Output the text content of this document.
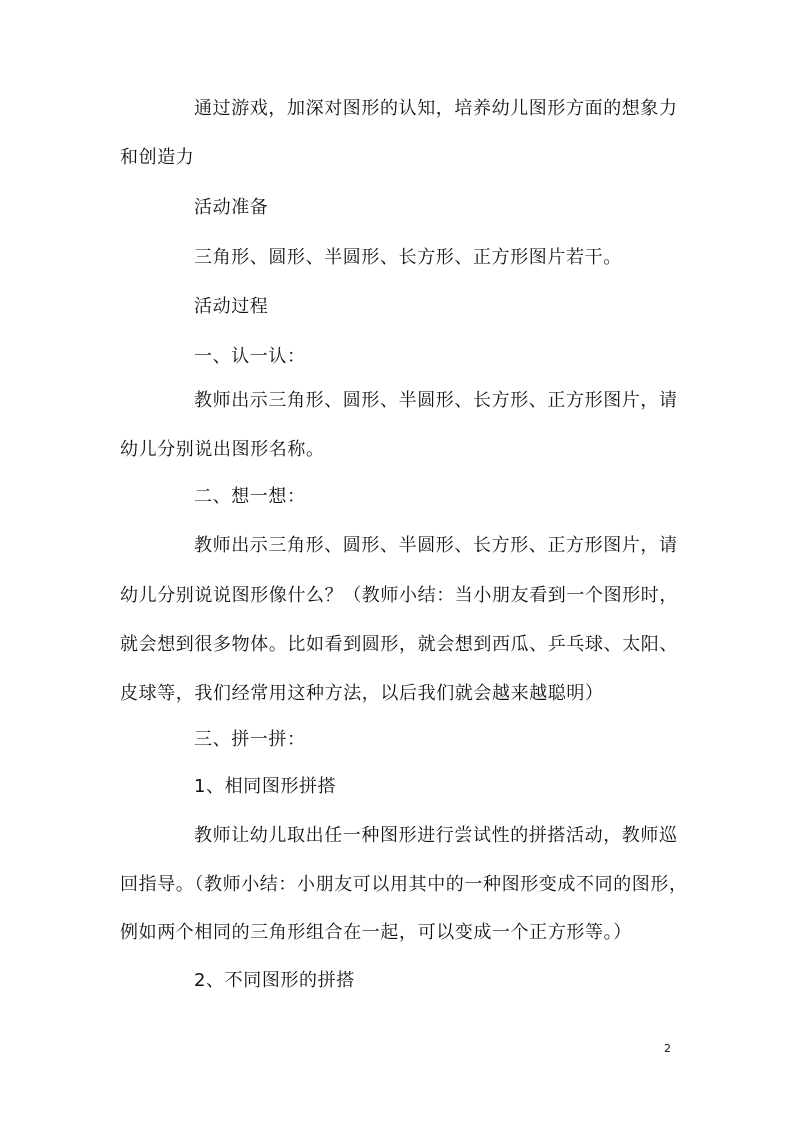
通过游戏，加深对图形的认知，培养幼儿图形方面的想象力
和创造力
活动准备
三角形、圆形、半圆形、长方形、正方形图片若干。
活动过程
一、认一认：
教师出示三角形、圆形、半圆形、长方形、正方形图片，请
幼儿分别说出图形名称。
二、想一想：
教师出示三角形、圆形、半圆形、长方形、正方形图片，请
幼儿分别说说图形像什么？（教师小结：当小朋友看到一个图形时，
就会想到很多物体。比如看到圆形，就会想到西瓜、乒乓球、太阳、
皮球等，我们经常用这种方法，以后我们就会越来越聪明）
三、拼一拼：
1、相同图形拼搭
教师让幼儿取出任一种图形进行尝试性的拼搭活动，教师巡
回指导。（教师小结：小朋友可以用其中的一种图形变成不同的图形，
例如两个相同的三角形组合在一起，可以变成一个正方形等。）
2、不同图形的拼搭
2
